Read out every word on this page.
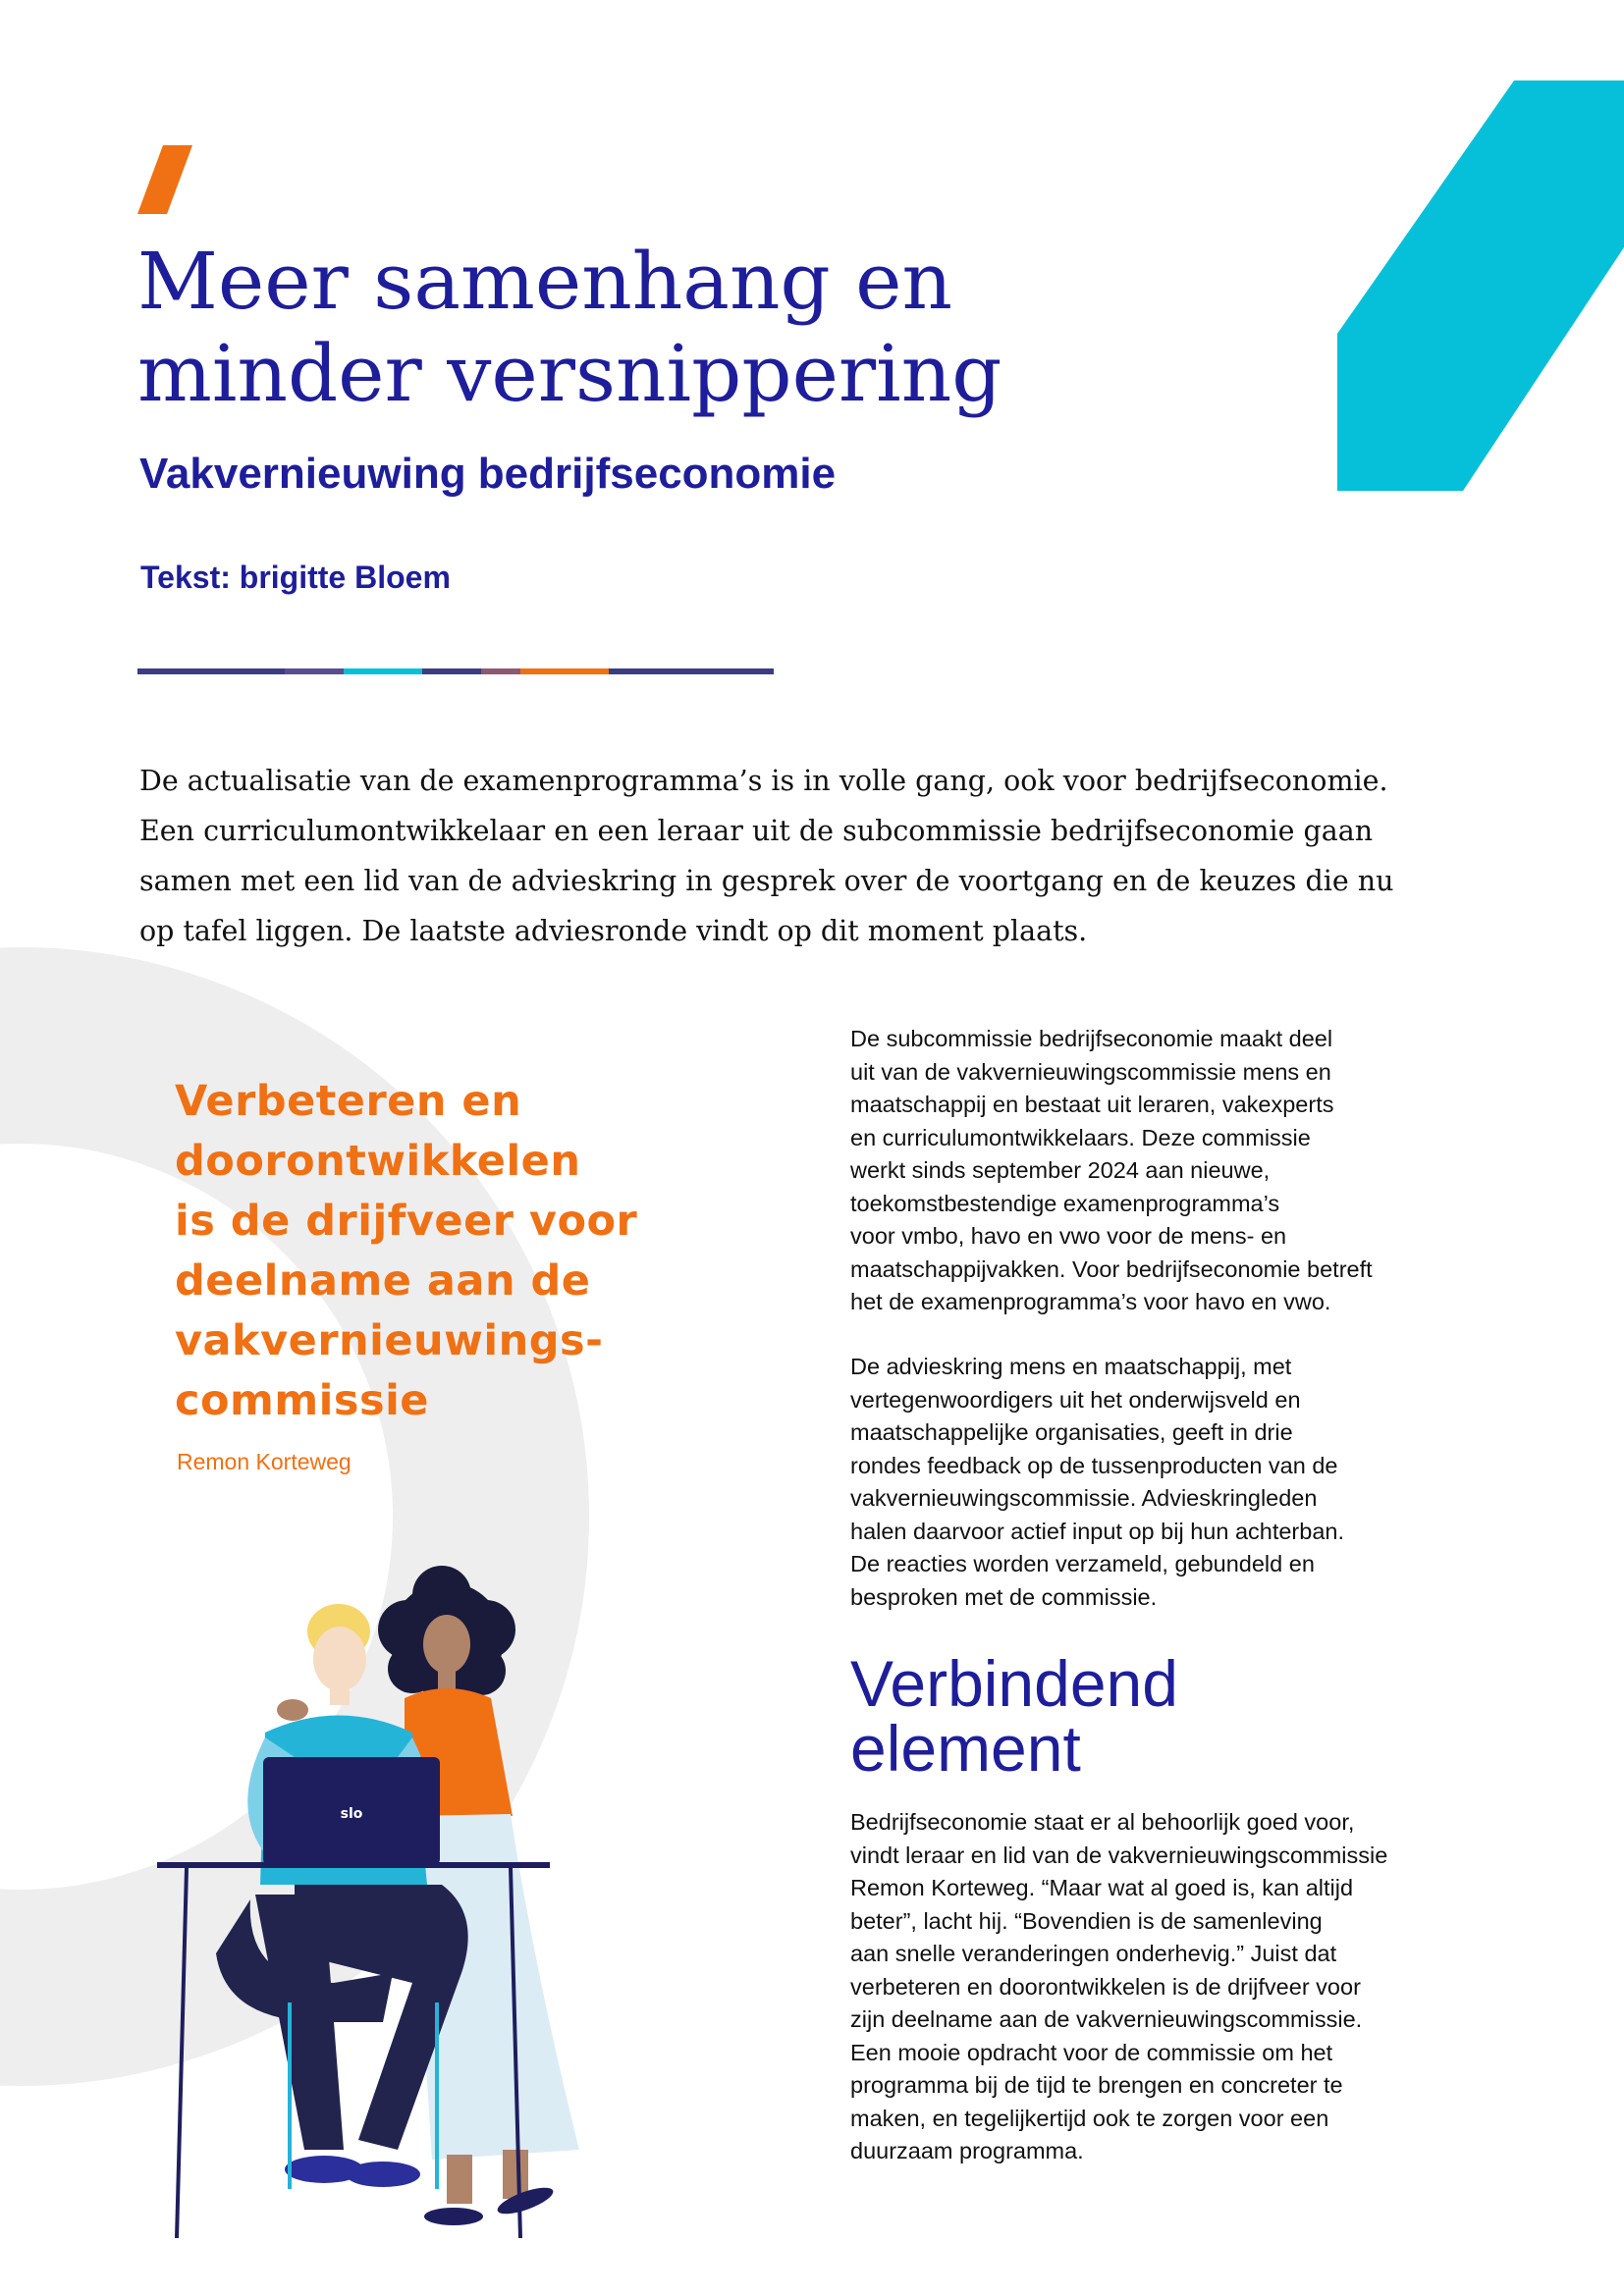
Meer samenhang en
minder versnippering
Vakvernieuwing bedrijfseconomie
Tekst: brigitte Bloem
De actualisatie van de examenprogramma’s is in volle gang, ook voor bedrijfseconomie.
Een curriculumontwikkelaar en een leraar uit de subcommissie bedrijfseconomie gaan
samen met een lid van de advieskring in gesprek over de voortgang en de keuzes die nu
op tafel liggen. De laatste adviesronde vindt op dit moment plaats.
Verbeteren en
doorontwikkelen
is de drijfveer voor
deelname aan de
vakvernieuwings-
commissie
Remon Korteweg
De subcommissie bedrijfseconomie maakt deel
uit van de vakvernieuwingscommissie mens en
maatschappij en bestaat uit leraren, vakexperts
en curriculumontwikkelaars. Deze commissie
werkt sinds september 2024 aan nieuwe,
toekomstbestendige examenprogramma’s
voor vmbo, havo en vwo voor de mens- en
maatschappijvakken. Voor bedrijfseconomie betreft
het de examenprogramma’s voor havo en vwo.
De advieskring mens en maatschappij, met
vertegenwoordigers uit het onderwijsveld en
maatschappelijke organisaties, geeft in drie
rondes feedback op de tussenproducten van de
vakvernieuwingscommissie. Advieskringleden
halen daarvoor actief input op bij hun achterban.
De reacties worden verzameld, gebundeld en
besproken met de commissie.
Verbindend
element
Bedrijfseconomie staat er al behoorlijk goed voor,
vindt leraar en lid van de vakvernieuwingscommissie
Remon Korteweg. “Maar wat al goed is, kan altijd
beter”, lacht hij. “Bovendien is de samenleving
aan snelle veranderingen onderhevig.” Juist dat
verbeteren en doorontwikkelen is de drijfveer voor
zijn deelname aan de vakvernieuwingscommissie.
Een mooie opdracht voor de commissie om het
programma bij de tijd te brengen en concreter te
maken, en tegelijkertijd ook te zorgen voor een
duurzaam programma.
slo
